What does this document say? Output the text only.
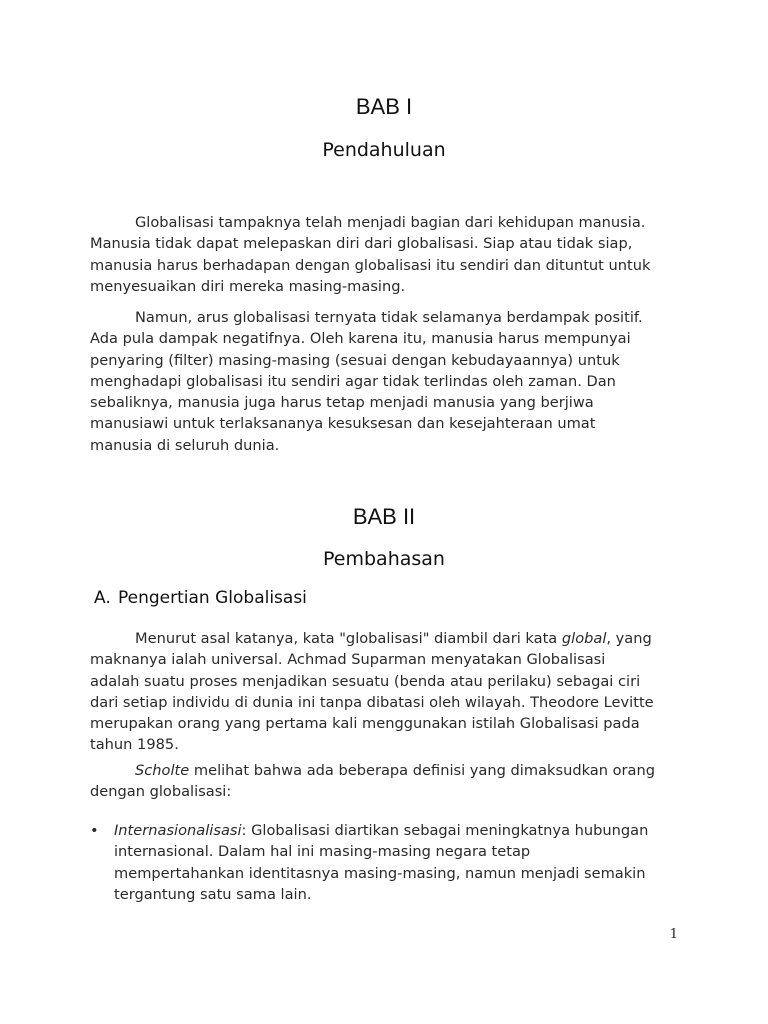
BAB I
Pendahuluan

Globalisasi tampaknya telah menjadi bagian dari kehidupan manusia.
Manusia tidak dapat melepaskan diri dari globalisasi. Siap atau tidak siap,
manusia harus berhadapan dengan globalisasi itu sendiri dan dituntut untuk
menyesuaikan diri mereka masing-masing.

Namun, arus globalisasi ternyata tidak selamanya berdampak positif.
Ada pula dampak negatifnya. Oleh karena itu, manusia harus mempunyai
penyaring (filter) masing-masing (sesuai dengan kebudayaannya) untuk
menghadapi globalisasi itu sendiri agar tidak terlindas oleh zaman. Dan
sebaliknya, manusia juga harus tetap menjadi manusia yang berjiwa
manusiawi untuk terlaksananya kesuksesan dan kesejahteraan umat
manusia di seluruh dunia.

BAB II
Pembahasan
A. Pengertian Globalisasi

Menurut asal katanya, kata "globalisasi" diambil dari kata global, yang
maknanya ialah universal. Achmad Suparman menyatakan Globalisasi
adalah suatu proses menjadikan sesuatu (benda atau perilaku) sebagai ciri
dari setiap individu di dunia ini tanpa dibatasi oleh wilayah. Theodore Levitte
merupakan orang yang pertama kali menggunakan istilah Globalisasi pada
tahun 1985.

Scholte melihat bahwa ada beberapa definisi yang dimaksudkan orang
dengan globalisasi:

• Internasionalisasi: Globalisasi diartikan sebagai meningkatnya hubungan
internasional. Dalam hal ini masing-masing negara tetap
mempertahankan identitasnya masing-masing, namun menjadi semakin
tergantung satu sama lain.
1
